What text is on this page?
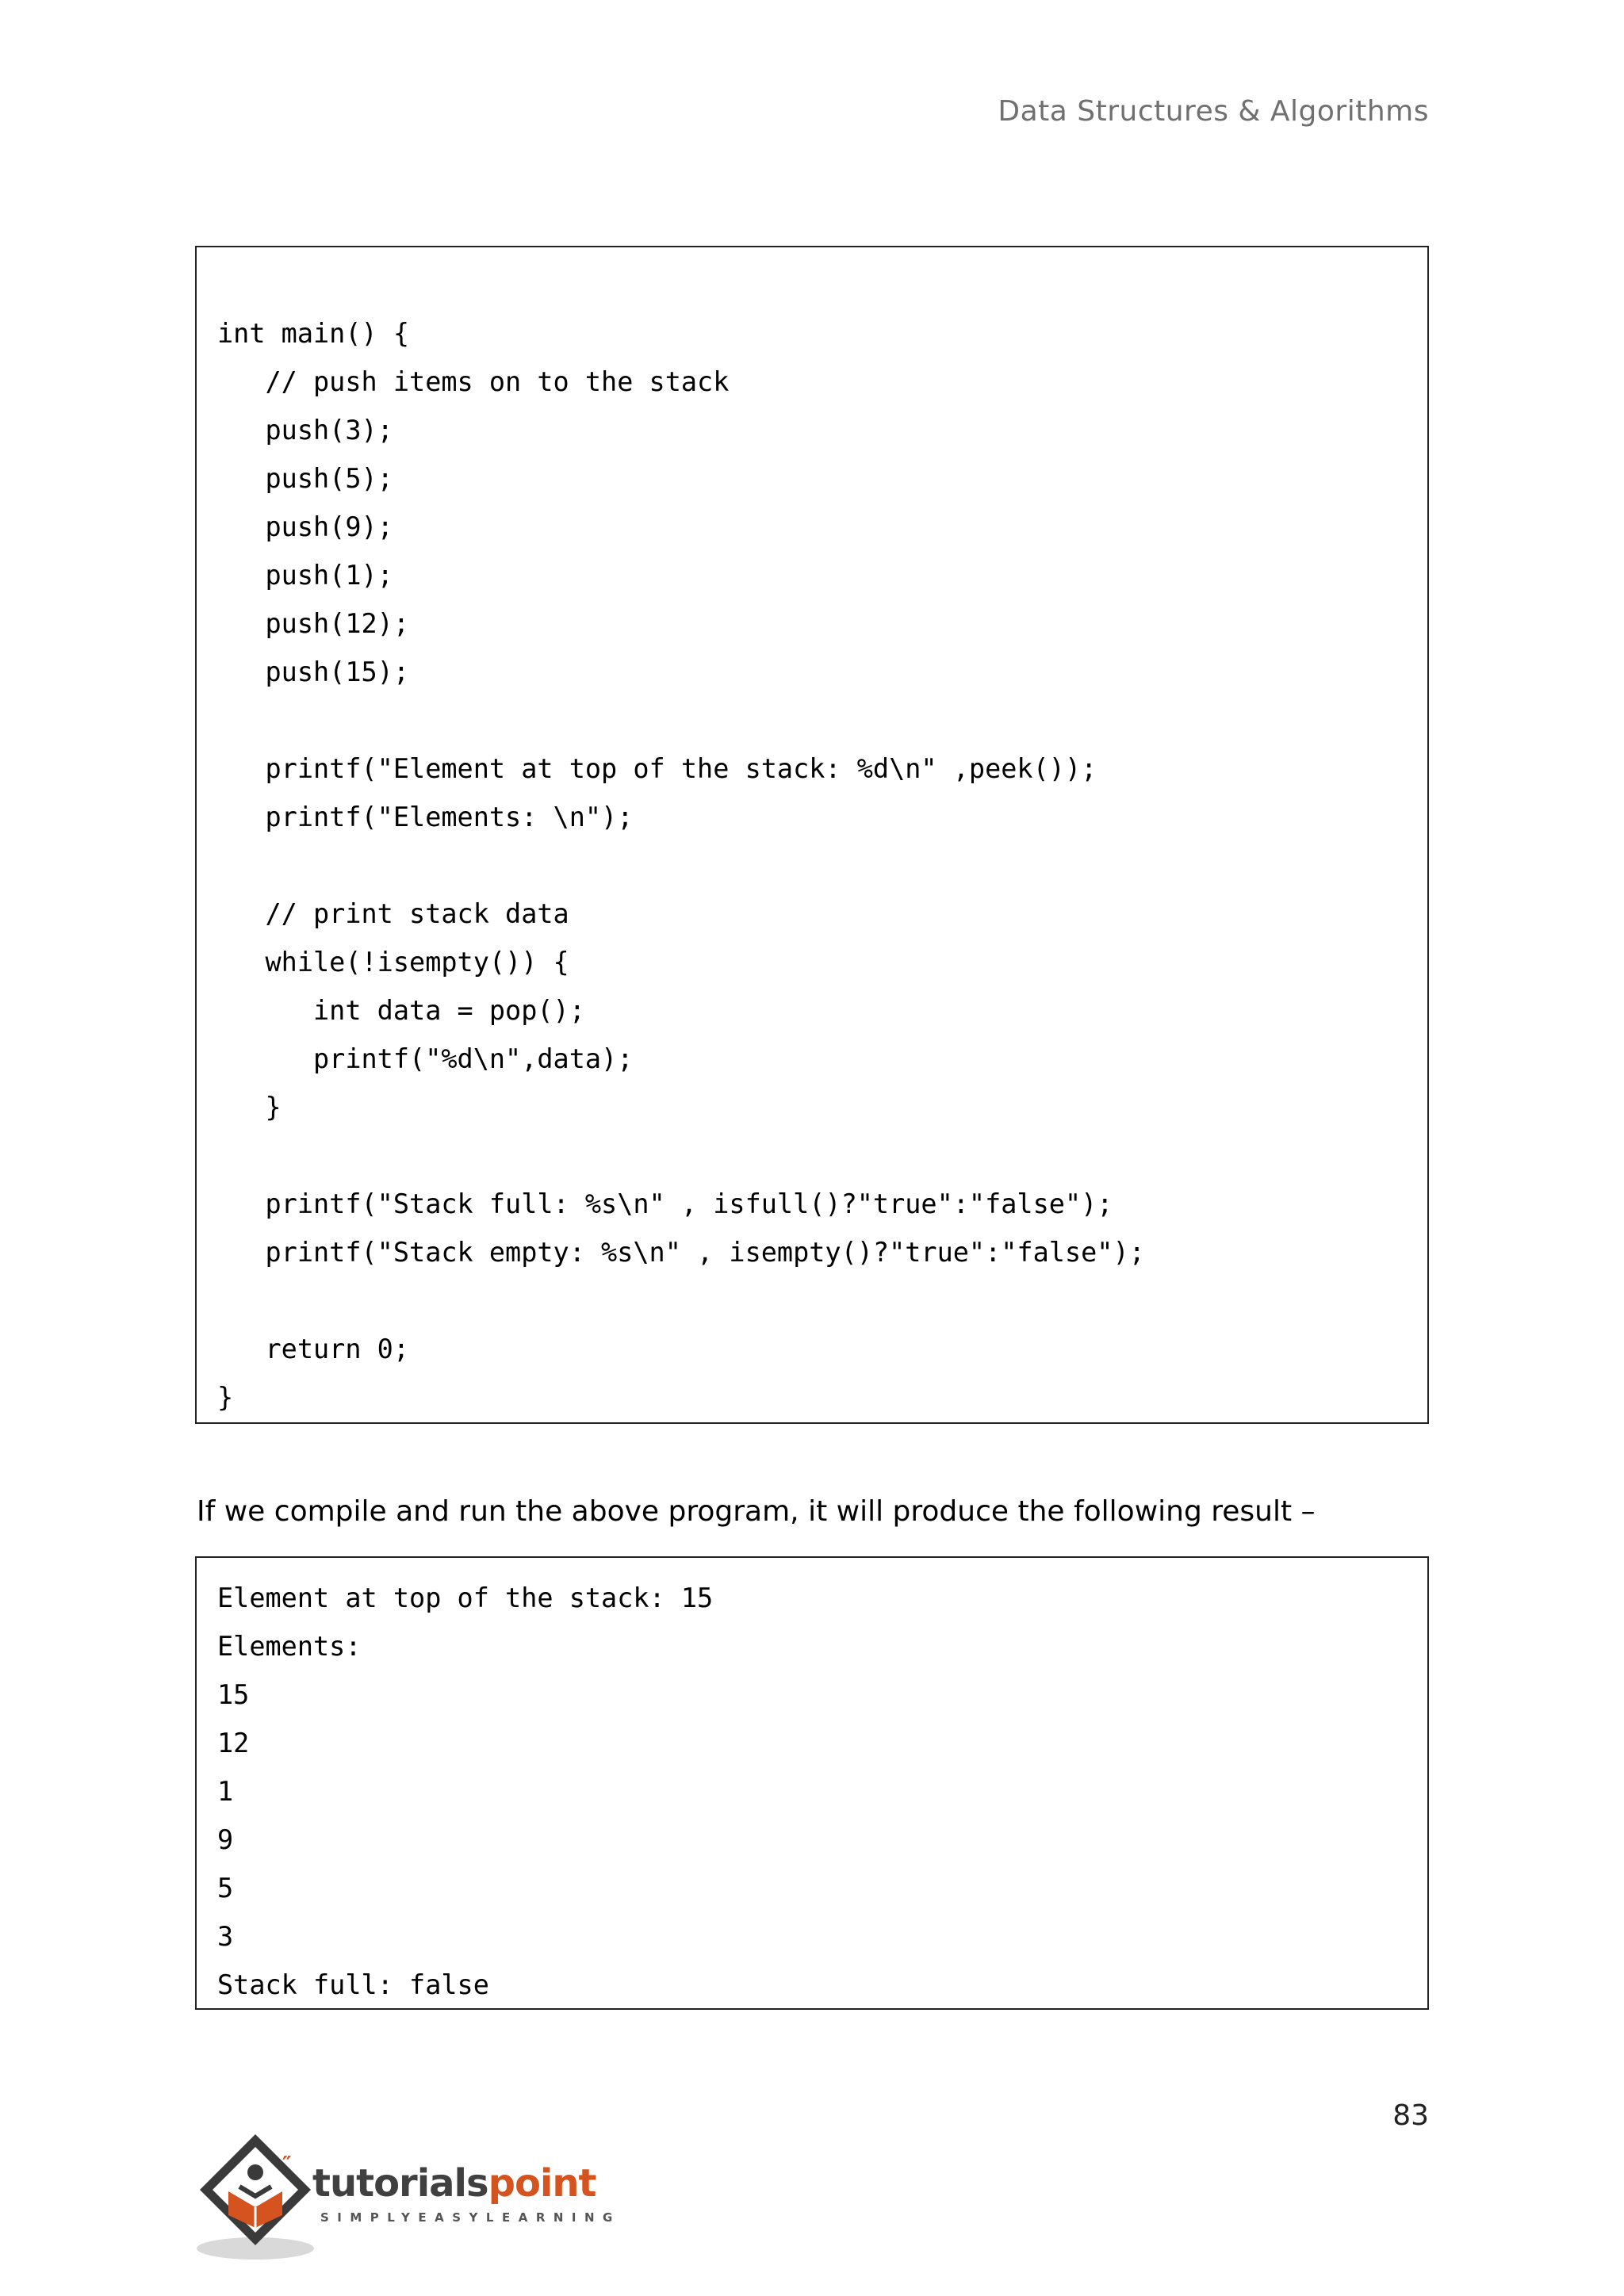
Data Structures & Algorithms
int main() {
// push items on to the stack
push(3);
push(5);
push(9);
push(1);
push(12);
push(15);
printf("Element at top of the stack: %d\n" ,peek());
printf("Elements: \n");
// print stack data
while(!isempty()) {
int data = pop();
printf("%d\n",data);
}
printf("Stack full: %s\n" , isfull()?"true":"false");
printf("Stack empty: %s\n" , isempty()?"true":"false");
return 0;
}
If we compile and run the above program, it will produce the following result –
Element at top of the stack: 15
Elements:
15
12
1
9
5
3
Stack full: false
83
″ tutorialspoint
SIMPLYEASYLEARNING
